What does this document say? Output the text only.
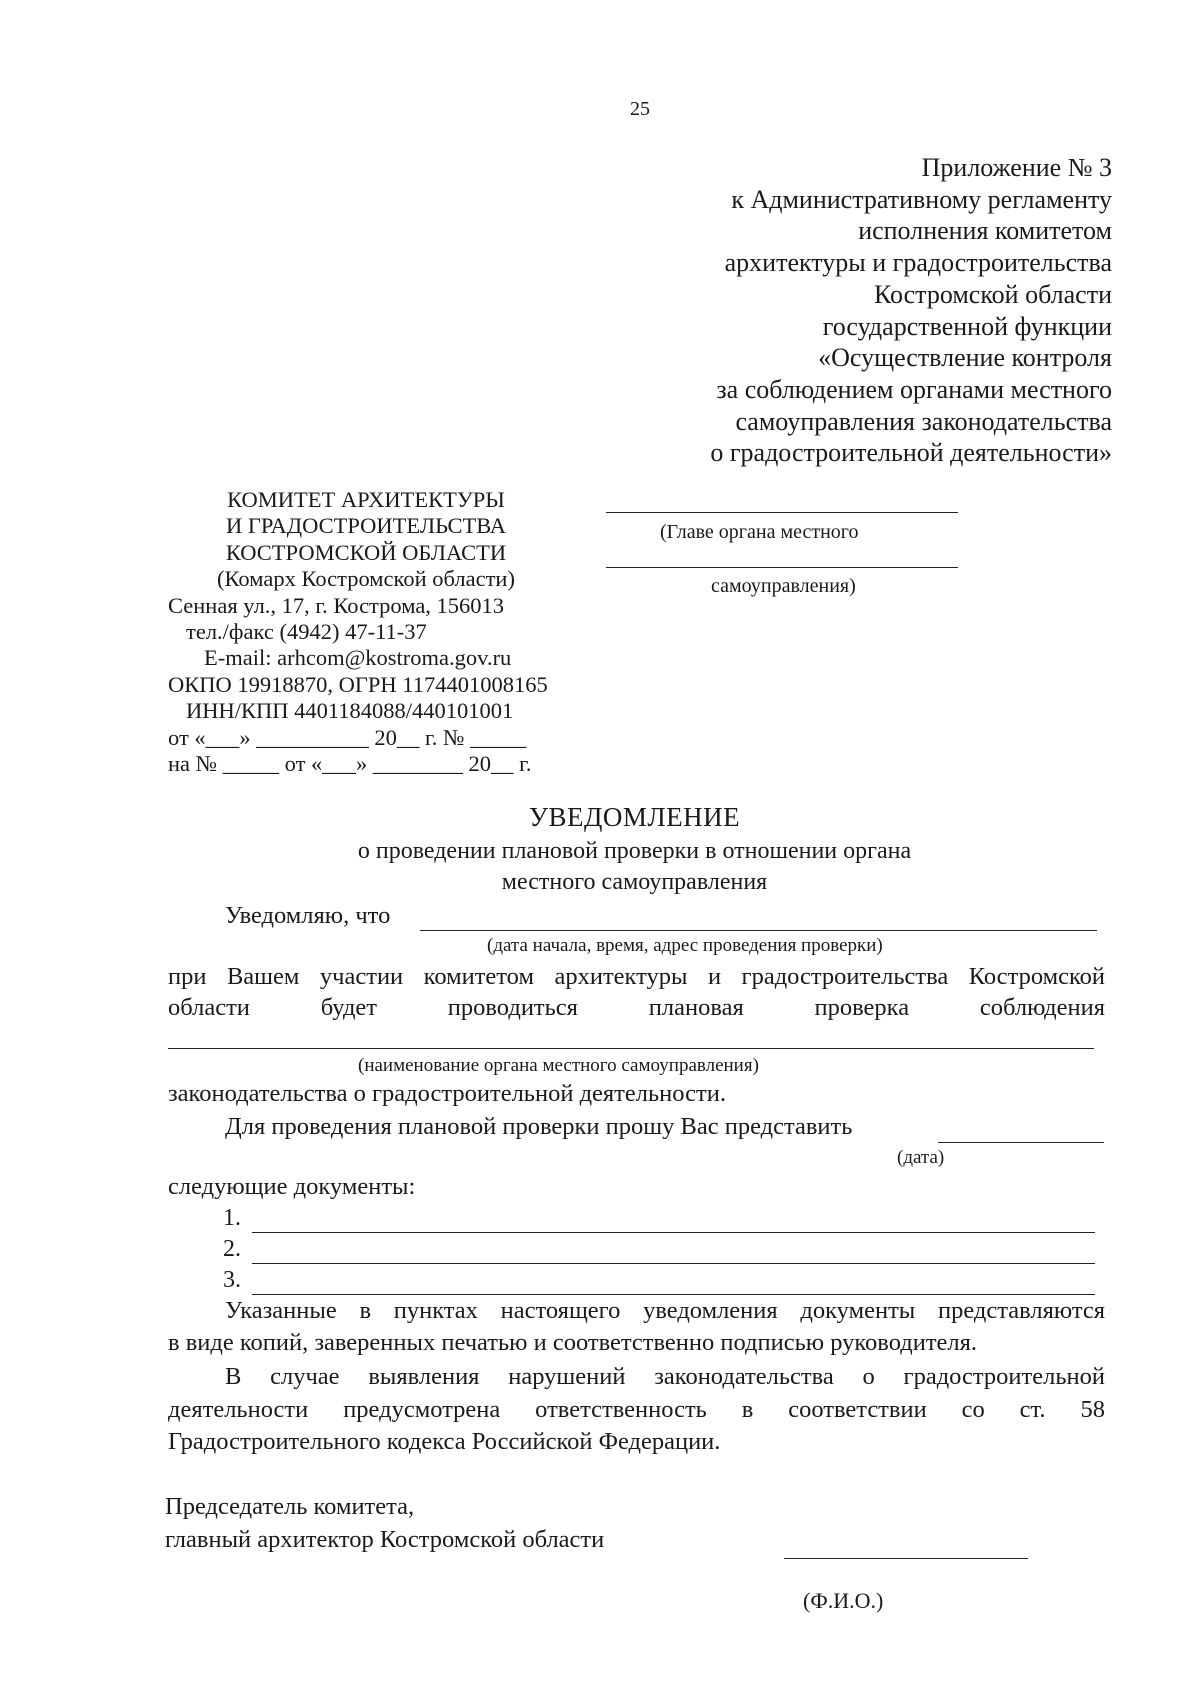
25
Приложение № 3
к Административному регламенту
исполнения комитетом
архитектуры и градостроительства
Костромской области
государственной функции
«Осуществление контроля
за соблюдением органами местного
самоуправления законодательства
о градостроительной деятельности»
КОМИТЕТ АРХИТЕКТУРЫ
И ГРАДОСТРОИТЕЛЬСТВА
КОСТРОМСКОЙ ОБЛАСТИ
(Комарх Костромской области)
Сенная ул., 17, г. Кострома, 156013
тел./факс (4942) 47-11-37
E-mail: arhcom@kostroma.gov.ru
ОКПО 19918870, ОГРН 1174401008165
ИНН/КПП 4401184088/440101001
от «___» __________ 20__ г. № _____
на № _____ от «___» ________ 20__ г.
(Главе органа местного
самоуправления)
УВЕДОМЛЕНИЕ
о проведении плановой проверки в отношении органа
местного самоуправления
Уведомляю, что
(дата начала, время, адрес проведения проверки)
при Вашем участии комитетом архитектуры и градостроительства Костромской
области	будет	проводиться	плановая	проверка	соблюдения
(наименование органа местного самоуправления)
законодательства о градостроительной деятельности.
Для проведения плановой проверки прошу Вас представить
(дата)
следующие документы:
1.
2.
3.
Указанные в пунктах настоящего уведомления документы представляются
в виде копий, заверенных печатью и соответственно подписью руководителя.
В случае выявления нарушений законодательства о градостроительной
деятельности предусмотрена ответственность в соответствии со ст. 58
Градостроительного кодекса Российской Федерации.
Председатель комитета,
главный архитектор Костромской области
(Ф.И.О.)
